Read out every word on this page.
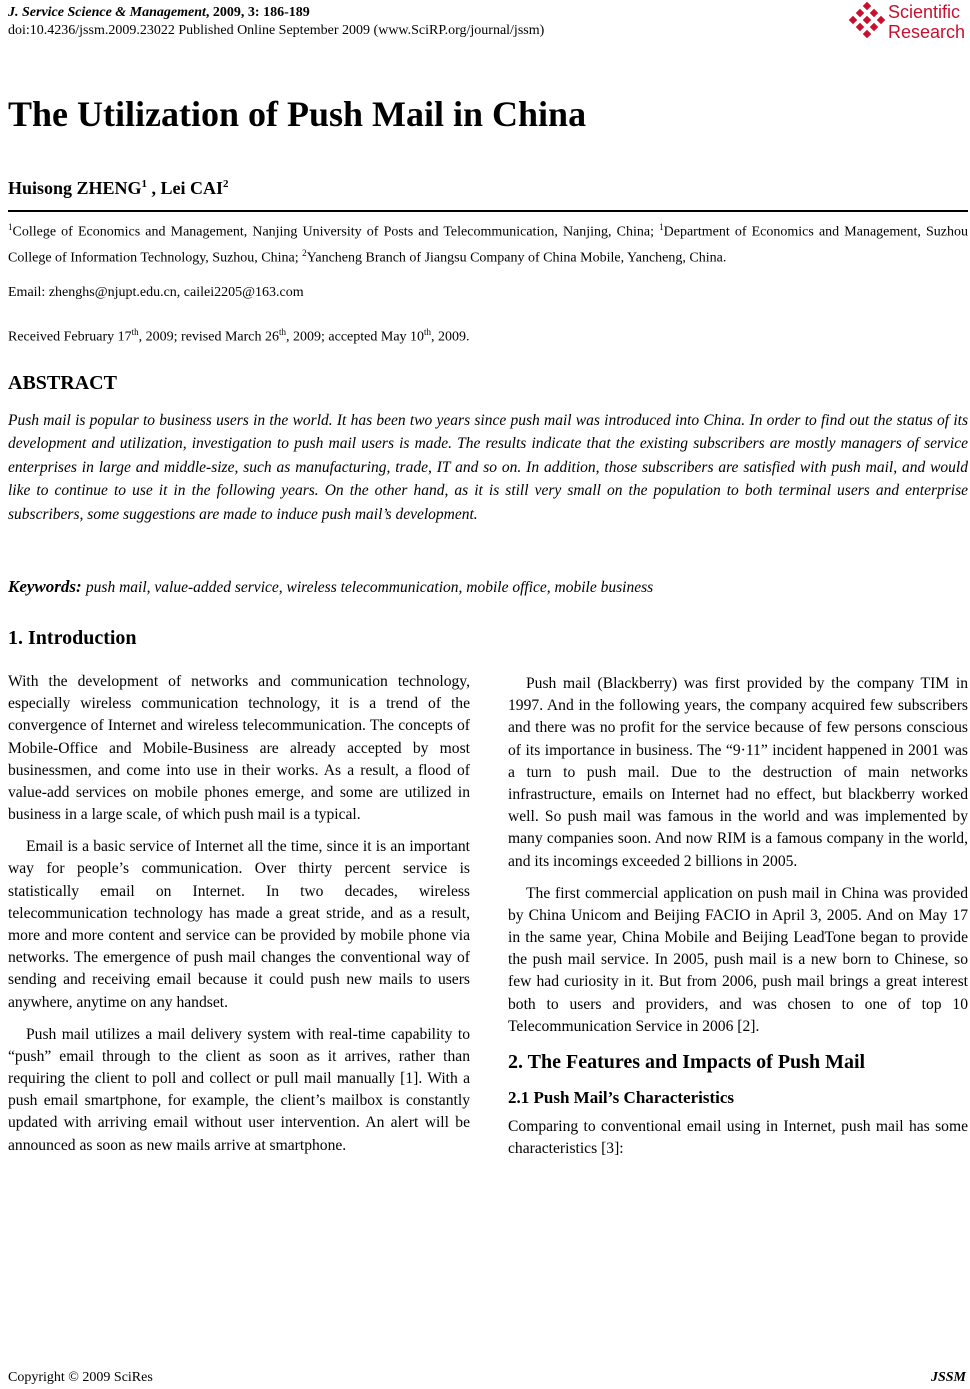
J. Service Science & Management, 2009, 3: 186-189
doi:10.4236/jssm.2009.23022 Published Online September 2009 (www.SciRP.org/journal/jssm)
Scientific
Research
The Utilization of Push Mail in China
Huisong ZHENG$^1$ , Lei CAI$^2$
$^1$College of Economics and Management, Nanjing University of Posts and Telecommunication, Nanjing, China; $^1$Department of Economics and Management, Suzhou College of Information Technology, Suzhou, China; $^2$Yancheng Branch of Jiangsu Company of China Mobile, Yancheng, China.
Email: zhenghs@njupt.edu.cn, cailei2205@163.com
Received February 17th, 2009; revised March 26th, 2009; accepted May 10th, 2009.
ABSTRACT

Push mail is popular to business users in the world. It has been two years since push mail was introduced into China. In order to find out the status of its development and utilization, investigation to push mail users is made. The results indicate that the existing subscribers are mostly managers of service enterprises in large and middle-size, such as manufacturing, trade, IT and so on. In addition, those subscribers are satisfied with push mail, and would like to continue to use it in the following years. On the other hand, as it is still very small on the population to both terminal users and enterprise subscribers, some suggestions are made to induce push mail’s development.

Keywords: push mail, value-added service, wireless telecommunication, mobile office, mobile business
1. Introduction

With the development of networks and communication technology, especially wireless communication technology, it is a trend of the convergence of Internet and wireless telecommunication. The concepts of Mobile-Office and Mobile-Business are already accepted by most businessmen, and come into use in their works. As a result, a flood of value-add services on mobile phones emerge, and some are utilized in business in a large scale, of which push mail is a typical.

Email is a basic service of Internet all the time, since it is an important way for people’s communication. Over thirty percent service is statistically email on Internet. In two decades, wireless telecommunication technology has made a great stride, and as a result, more and more content and service can be provided by mobile phone via networks. The emergence of push mail changes the conventional way of sending and receiving email because it could push new mails to users anywhere, anytime on any handset.

Push mail utilizes a mail delivery system with real-time capability to “push” email through to the client as soon as it arrives, rather than requiring the client to poll and collect or pull mail manually [1]. With a push email smartphone, for example, the client’s mailbox is constantly updated with arriving email without user intervention. An alert will be announced as soon as new mails arrive at smartphone.

Push mail (Blackberry) was first provided by the company TIM in 1997. And in the following years, the company acquired few subscribers and there was no profit for the service because of few persons conscious of its importance in business. The “9·11” incident happened in 2001 was a turn to push mail. Due to the destruction of main networks infrastructure, emails on Internet had no effect, but blackberry worked well. So push mail was famous in the world and was implemented by many companies soon. And now RIM is a famous company in the world, and its incomings exceeded 2 billions in 2005.

The first commercial application on push mail in China was provided by China Unicom and Beijing FACIO in April 3, 2005. And on May 17 in the same year, China Mobile and Beijing LeadTone began to provide the push mail service. In 2005, push mail is a new born to Chinese, so few had curiosity in it. But from 2006, push mail brings a great interest both to users and providers, and was chosen to one of top 10 Telecommunication Service in 2006 [2].

2. The Features and Impacts of Push Mail
2.1 Push Mail’s Characteristics

Comparing to conventional email using in Internet, push mail has some characteristics [3]:

Copyright © 2009 SciRes	JSSM
